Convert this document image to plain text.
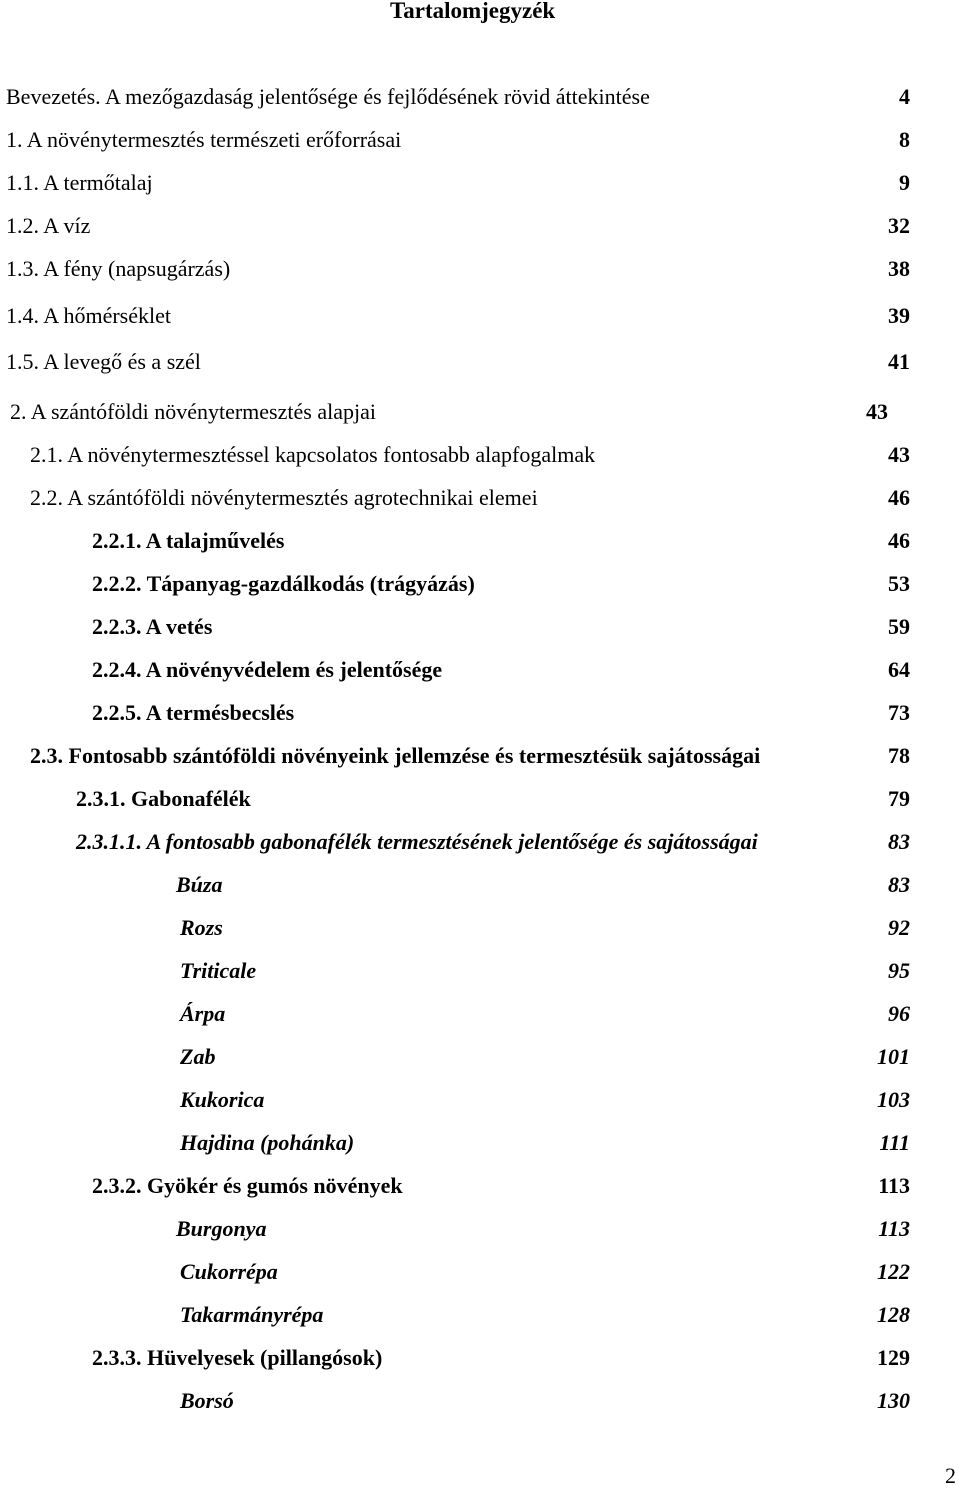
Tartalomjegyzék
Bevezetés. A mezőgazdaság jelentősége és fejlődésének rövid áttekintése	4
1. A növénytermesztés természeti erőforrásai	8
1.1. A termőtalaj	9
1.2. A víz	32
1.3. A fény (napsugárzás)	38
1.4. A hőmérséklet	39
1.5. A levegő és a szél	41
2. A szántóföldi növénytermesztés alapjai	43
2.1. A növénytermesztéssel kapcsolatos fontosabb alapfogalmak	43
2.2. A szántóföldi növénytermesztés agrotechnikai elemei	46
2.2.1. A talajművelés	46
2.2.2. Tápanyag-gazdálkodás (trágyázás)	53
2.2.3. A vetés	59
2.2.4. A növényvédelem és jelentősége	64
2.2.5. A termésbecslés	73
2.3. Fontosabb szántóföldi növényeink jellemzése és termesztésük sajátosságai	78
2.3.1. Gabonafélék	79
2.3.1.1. A fontosabb gabonafélék termesztésének jelentősége és sajátosságai	83
Búza	83
Rozs	92
Triticale	95
Árpa	96
Zab	101
Kukorica	103
Hajdina (pohánka)	111
2.3.2. Gyökér és gumós növények	113
Burgonya	113
Cukorrépa	122
Takarmányrépa	128
2.3.3. Hüvelyesek (pillangósok)	129
Borsó	130
2
